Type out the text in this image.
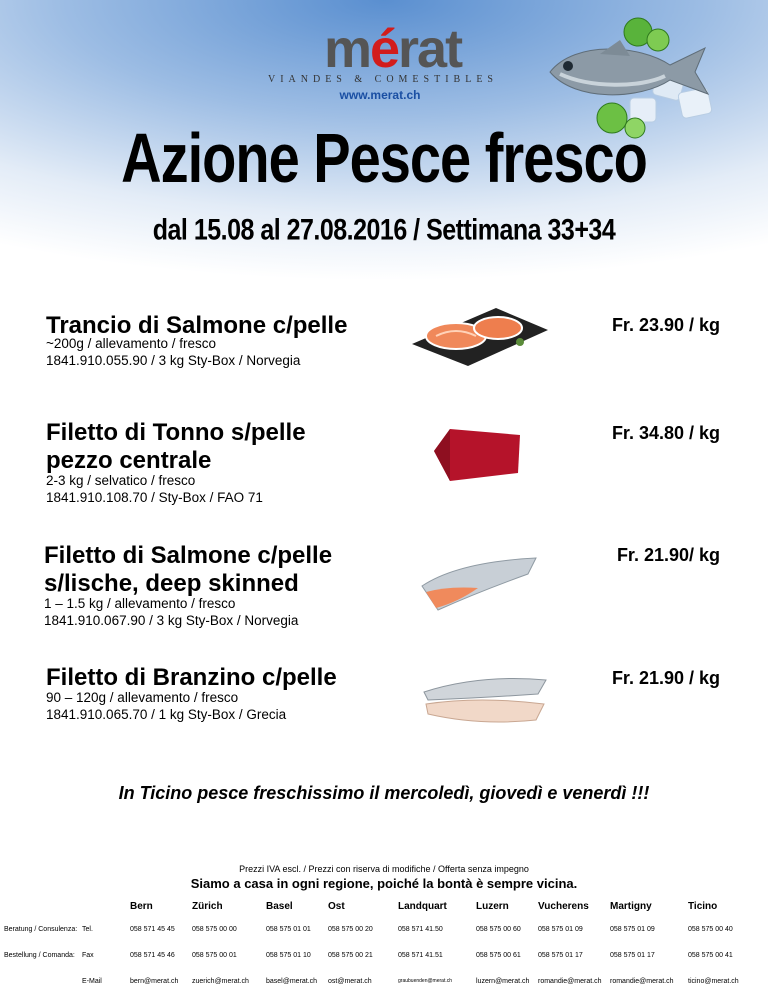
mérat
VIANDES & COMESTIBLES
www.merat.ch
Azione Pesce fresco
dal 15.08 al 27.08.2016 / Settimana 33+34
Trancio di Salmone c/pelle
~200g / allevamento / fresco
1841.910.055.90 / 3 kg Sty-Box / Norvegia
Fr. 23.90 / kg
Filetto di Tonno s/pelle
pezzo centrale
2-3 kg / selvatico / fresco
1841.910.108.70 / Sty-Box / FAO 71
Fr. 34.80 / kg
Filetto di Salmone c/pelle
s/lische, deep skinned
1 – 1.5 kg / allevamento / fresco
1841.910.067.90 / 3 kg Sty-Box / Norvegia
Fr. 21.90/ kg
Filetto di Branzino c/pelle
90 – 120g / allevamento / fresco
1841.910.065.70 / 1 kg Sty-Box / Grecia
Fr. 21.90 / kg
In Ticino pesce freschissimo il mercoledì, giovedì e venerdì !!!
Prezzi IVA escl. / Prezzi con riserva di modifiche / Offerta senza impegno
Siamo a casa in ogni regione, poiché la bontà è sempre vicina.
		Bern	Zürich	Basel	Ost	Landquart	Luzern	Vucherens	Martigny	Ticino
Beratung / Consulenza:	Tel.	058 571 45 45	058 575 00 00	058 575 01 01	058 575 00 20	058 571 41.50	058 575 00 60	058 575 01 09	058 575 01 09	058 575 00 40
Bestellung / Comanda:	Fax	058 571 45 46	058 575 00 01	058 575 01 10	058 575 00 21	058 571 41.51	058 575 00 61	058 575 01 17	058 575 01 17	058 575 00 41
	E-Mail	bern@merat.ch	zuerich@merat.ch	basel@merat.ch	ost@merat.ch	graubuenden@merat.ch	luzern@merat.ch	romandie@merat.ch	romandie@merat.ch	ticino@merat.ch
